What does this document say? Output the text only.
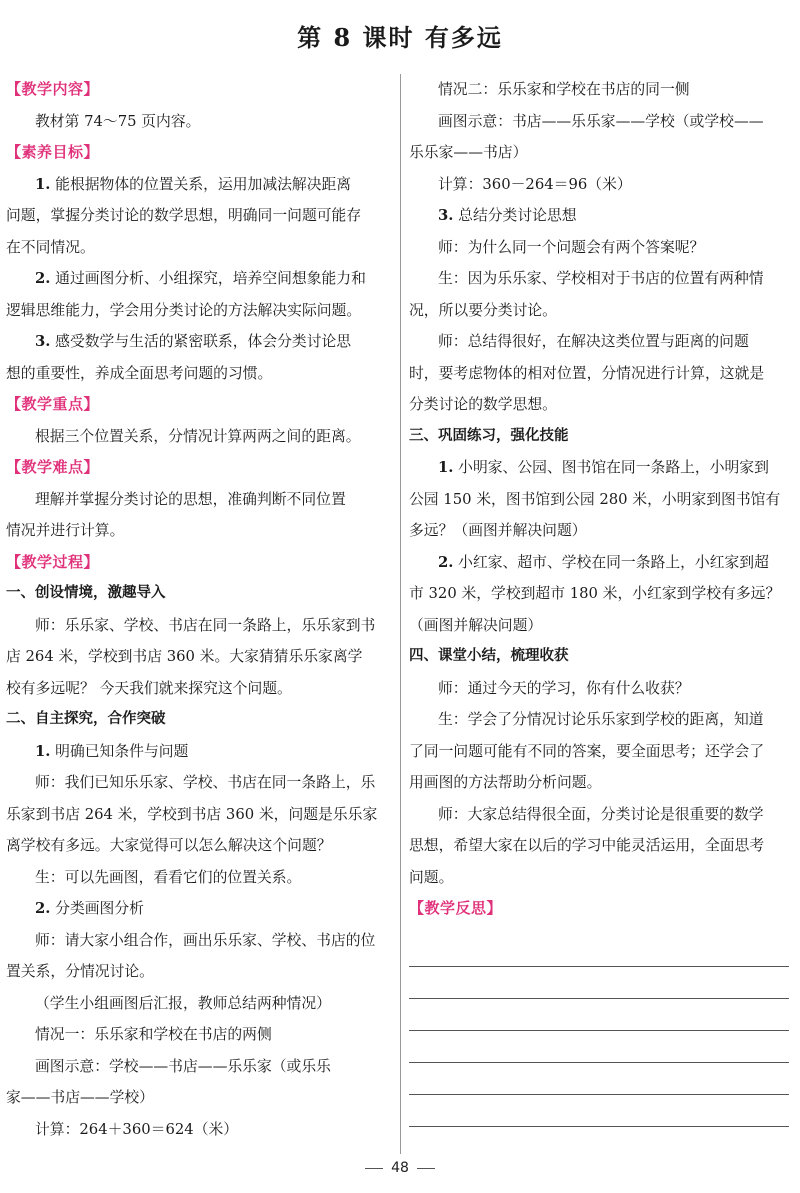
第 8 课时 有多远
【教学内容】
教材第 74～75 页内容。
【素养目标】
1. 能根据物体的位置关系，运用加减法解决距离
问题，掌握分类讨论的数学思想，明确同一问题可能存
在不同情况。
2. 通过画图分析、小组探究，培养空间想象能力和
逻辑思维能力，学会用分类讨论的方法解决实际问题。
3. 感受数学与生活的紧密联系，体会分类讨论思
想的重要性，养成全面思考问题的习惯。
【教学重点】
根据三个位置关系，分情况计算两两之间的距离。
【教学难点】
理解并掌握分类讨论的思想，准确判断不同位置
情况并进行计算。
【教学过程】
一、创设情境，激趣导入
师：乐乐家、学校、书店在同一条路上，乐乐家到书
店 264 米，学校到书店 360 米。大家猜猜乐乐家离学
校有多远呢？ 今天我们就来探究这个问题。
二、自主探究，合作突破
1. 明确已知条件与问题
师：我们已知乐乐家、学校、书店在同一条路上，乐
乐家到书店 264 米，学校到书店 360 米，问题是乐乐家
离学校有多远。大家觉得可以怎么解决这个问题？
生：可以先画图，看看它们的位置关系。
2. 分类画图分析
师：请大家小组合作，画出乐乐家、学校、书店的位
置关系，分情况讨论。
（学生小组画图后汇报，教师总结两种情况）
情况一：乐乐家和学校在书店的两侧
画图示意：学校——书店——乐乐家（或乐乐
家——书店——学校）
计算：264＋360＝624（米）
情况二：乐乐家和学校在书店的同一侧
画图示意：书店——乐乐家——学校（或学校——
乐乐家——书店）
计算：360－264＝96（米）
3. 总结分类讨论思想
师：为什么同一个问题会有两个答案呢？
生：因为乐乐家、学校相对于书店的位置有两种情
况，所以要分类讨论。
师：总结得很好，在解决这类位置与距离的问题
时，要考虑物体的相对位置，分情况进行计算，这就是
分类讨论的数学思想。
三、巩固练习，强化技能
1. 小明家、公园、图书馆在同一条路上，小明家到
公园 150 米，图书馆到公园 280 米，小明家到图书馆有
多远？（画图并解决问题）
2. 小红家、超市、学校在同一条路上，小红家到超
市 320 米，学校到超市 180 米，小红家到学校有多远？
（画图并解决问题）
四、课堂小结，梳理收获
师：通过今天的学习，你有什么收获？
生：学会了分情况讨论乐乐家到学校的距离，知道
了同一问题可能有不同的答案，要全面思考；还学会了
用画图的方法帮助分析问题。
师：大家总结得很全面，分类讨论是很重要的数学
思想，希望大家在以后的学习中能灵活运用，全面思考
问题。
【教学反思】
48
